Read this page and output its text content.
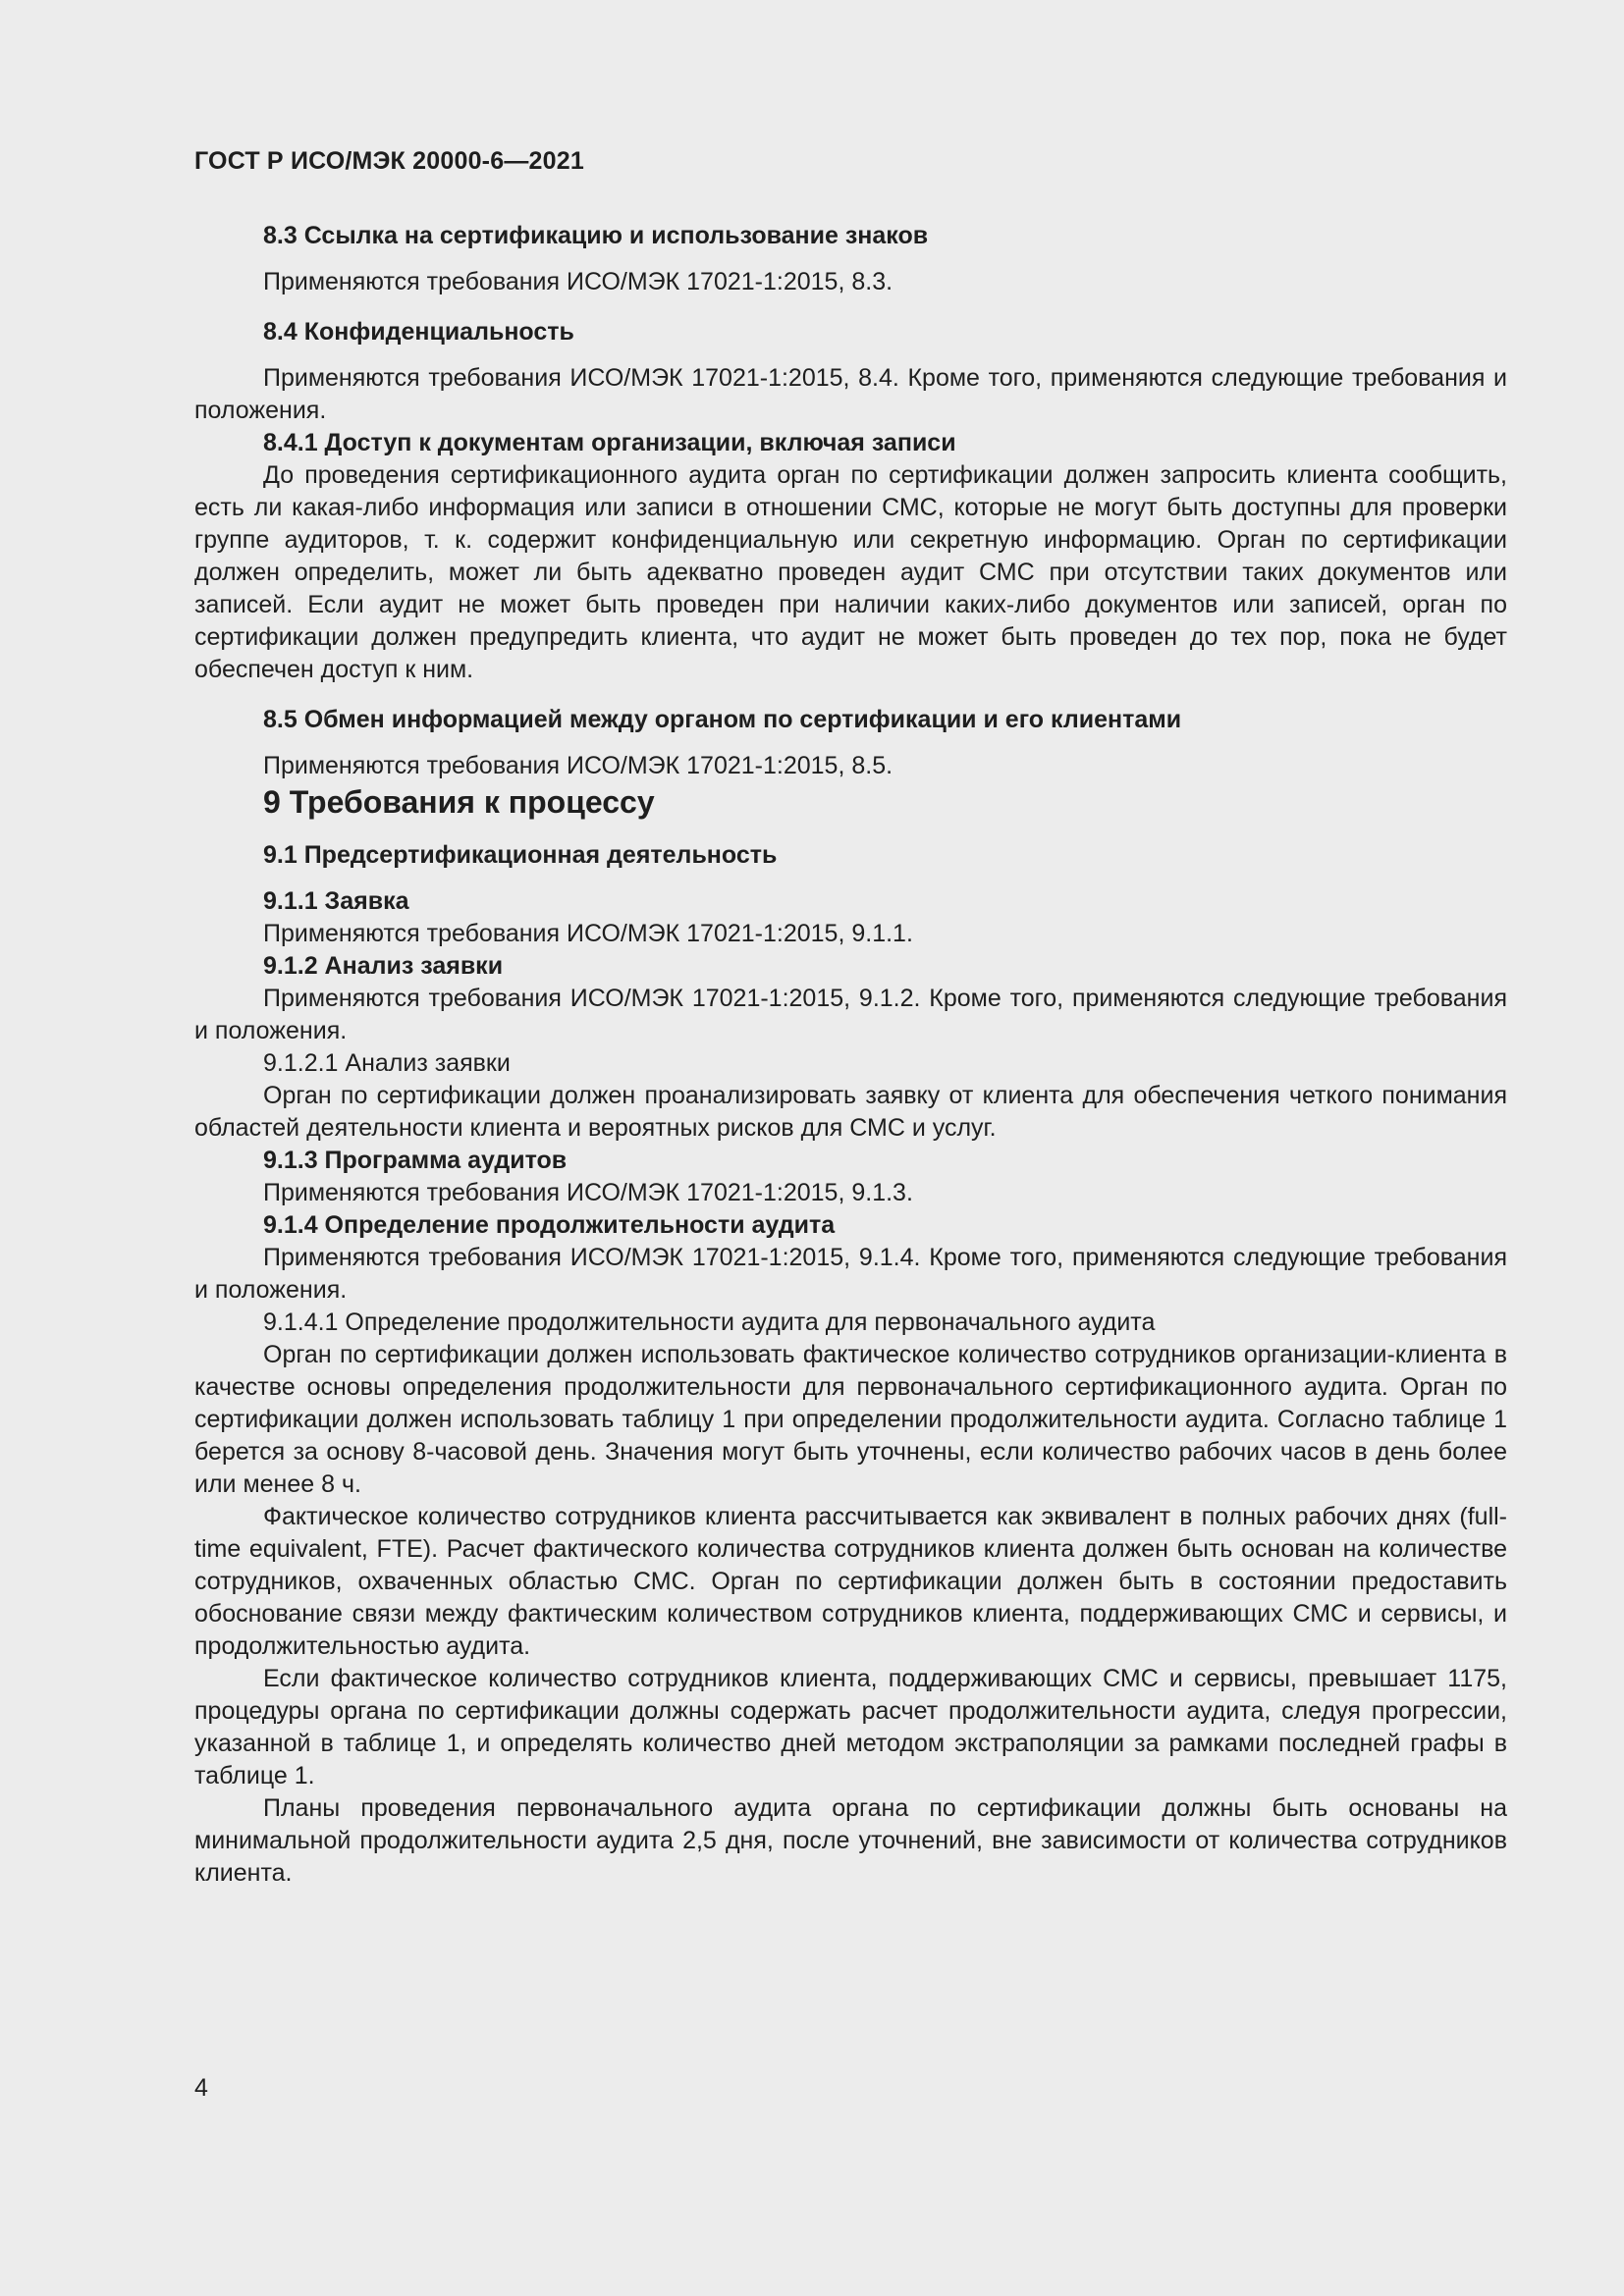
ГОСТ Р ИСО/МЭК 20000-6—2021

8.3 Ссылка на сертификацию и использование знаков

Применяются требования ИСО/МЭК 17021-1:2015, 8.3.

8.4 Конфиденциальность

Применяются требования ИСО/МЭК 17021-1:2015, 8.4. Кроме того, применяются следующие требования и положения.

8.4.1 Доступ к документам организации, включая записи

До проведения сертификационного аудита орган по сертификации должен запросить клиента сообщить, есть ли какая-либо информация или записи в отношении СМС, которые не могут быть доступны для проверки группе аудиторов, т. к. содержит конфиденциальную или секретную информацию. Орган по сертификации должен определить, может ли быть адекватно проведен аудит СМС при отсутствии таких документов или записей. Если аудит не может быть проведен при наличии каких-либо документов или записей, орган по сертификации должен предупредить клиента, что аудит не может быть проведен до тех пор, пока не будет обеспечен доступ к ним.

8.5 Обмен информацией между органом по сертификации и его клиентами

Применяются требования ИСО/МЭК 17021-1:2015, 8.5.

9 Требования к процессу

9.1 Предсертификационная деятельность

9.1.1 Заявка

Применяются требования ИСО/МЭК 17021-1:2015, 9.1.1.

9.1.2 Анализ заявки

Применяются требования ИСО/МЭК 17021-1:2015, 9.1.2. Кроме того, применяются следующие требования и положения.

9.1.2.1 Анализ заявки

Орган по сертификации должен проанализировать заявку от клиента для обеспечения четкого понимания областей деятельности клиента и вероятных рисков для СМС и услуг.

9.1.3 Программа аудитов

Применяются требования ИСО/МЭК 17021-1:2015, 9.1.3.

9.1.4 Определение продолжительности аудита

Применяются требования ИСО/МЭК 17021-1:2015, 9.1.4. Кроме того, применяются следующие требования и положения.

9.1.4.1 Определение продолжительности аудита для первоначального аудита

Орган по сертификации должен использовать фактическое количество сотрудников организации-клиента в качестве основы определения продолжительности для первоначального сертификационного аудита. Орган по сертификации должен использовать таблицу 1 при определении продолжительности аудита. Согласно таблице 1 берется за основу 8-часовой день. Значения могут быть уточнены, если количество рабочих часов в день более или менее 8 ч.

Фактическое количество сотрудников клиента рассчитывается как эквивалент в полных рабочих днях (full-time equivalent, FTE). Расчет фактического количества сотрудников клиента должен быть основан на количестве сотрудников, охваченных областью СМС. Орган по сертификации должен быть в состоянии предоставить обоснование связи между фактическим количеством сотрудников клиента, поддерживающих СМС и сервисы, и продолжительностью аудита.

Если фактическое количество сотрудников клиента, поддерживающих СМС и сервисы, превышает 1175, процедуры органа по сертификации должны содержать расчет продолжительности аудита, следуя прогрессии, указанной в таблице 1, и определять количество дней методом экстраполяции за рамками последней графы в таблице 1.

Планы проведения первоначального аудита органа по сертификации должны быть основаны на минимальной продолжительности аудита 2,5 дня, после уточнений, вне зависимости от количества сотрудников клиента.

4
